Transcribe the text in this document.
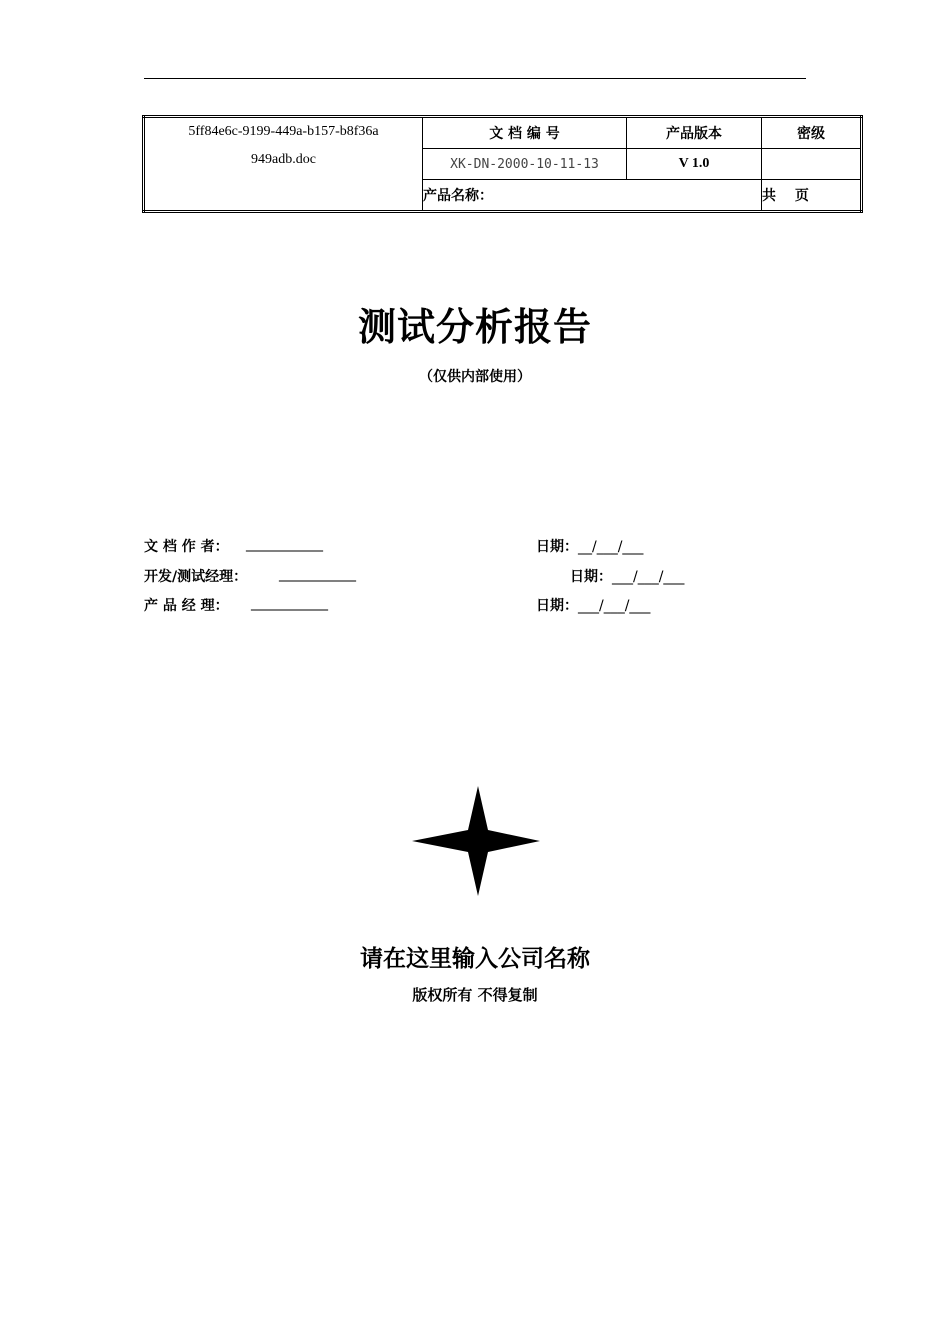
5ff84e6c-9199-449a-b157-b8f36a949adb.doc	文 档 编 号	产品版本	密级
	XK-DN-2000-10-11-13	V 1.0	
	产品名称：		共 页
测试分析报告
（仅供内部使用）
文 档 作 者： ___________	日期：__/___/___
开发/测试经理： ___________	日期：___/___/___
产 品 经 理： ___________	日期：___/___/___
请在这里输入公司名称
版权所有 不得复制
